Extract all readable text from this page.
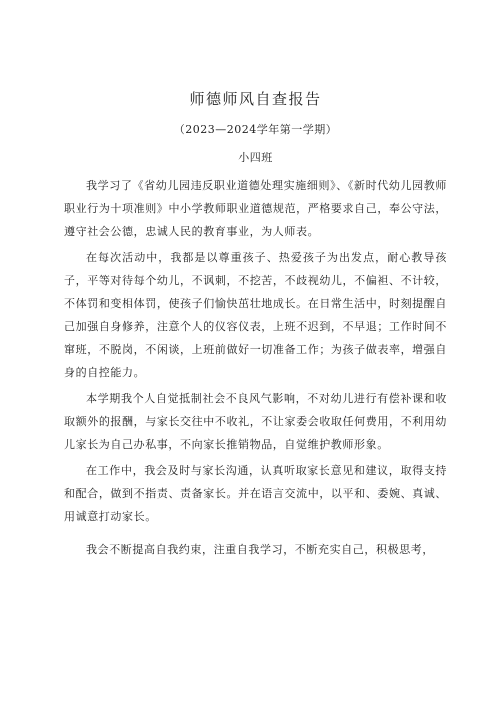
师德师风自查报告
（2023—2024学年第一学期）
小四班

我学习了《省幼儿园违反职业道德处理实施细则》、《新时代幼儿园教师职业行为十项准则》中小学教师职业道德规范，严格要求自己，奉公守法，遵守社会公德，忠诚人民的教育事业，为人师表。

在每次活动中，我都是以尊重孩子、热爱孩子为出发点，耐心教导孩子，平等对待每个幼儿，不讽刺，不挖苦，不歧视幼儿，不偏袒、不计较，不体罚和变相体罚，使孩子们愉快茁壮地成长。在日常生活中，时刻提醒自己加强自身修养，注意个人的仪容仪表，上班不迟到，不早退；工作时间不窜班，不脱岗，不闲谈，上班前做好一切准备工作；为孩子做表率，增强自身的自控能力。

本学期我个人自觉抵制社会不良风气影响，不对幼儿进行有偿补课和收取额外的报酬，与家长交往中不收礼，不让家委会收取任何费用，不利用幼儿家长为自己办私事，不向家长推销物品，自觉维护教师形象。

在工作中，我会及时与家长沟通，认真听取家长意见和建议，取得支持和配合，做到不指责、责备家长。并在语言交流中，以平和、委婉、真诚、用诚意打动家长。

我会不断提高自我约束，注重自我学习，不断充实自己，积极思考，
